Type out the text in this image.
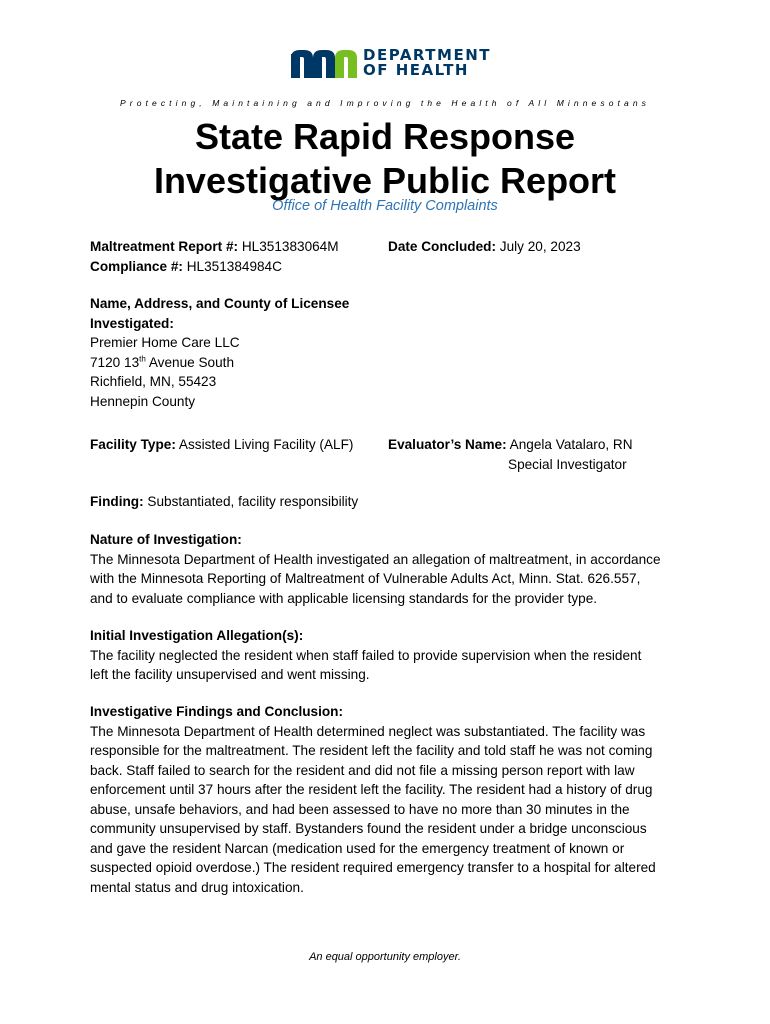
DEPARTMENT
OF HEALTH
Protecting, Maintaining and Improving the Health of All Minnesotans
State Rapid Response
Investigative Public Report
Office of Health Facility Complaints
Maltreatment Report #: HL351383064M
Compliance #: HL351384984C
Date Concluded: July 20, 2023
Name, Address, and County of Licensee
Investigated:
Premier Home Care LLC
7120 13th Avenue South
Richfield, MN, 55423
Hennepin County
Facility Type: Assisted Living Facility (ALF)	Evaluator’s Name: Angela Vatalaro, RN
Special Investigator
Finding: Substantiated, facility responsibility
Nature of Investigation:
The Minnesota Department of Health investigated an allegation of maltreatment, in accordance
with the Minnesota Reporting of Maltreatment of Vulnerable Adults Act, Minn. Stat. 626.557,
and to evaluate compliance with applicable licensing standards for the provider type.
Initial Investigation Allegation(s):
The facility neglected the resident when staff failed to provide supervision when the resident
left the facility unsupervised and went missing.
Investigative Findings and Conclusion:
The Minnesota Department of Health determined neglect was substantiated. The facility was
responsible for the maltreatment. The resident left the facility and told staff he was not coming
back. Staff failed to search for the resident and did not file a missing person report with law
enforcement until 37 hours after the resident left the facility. The resident had a history of drug
abuse, unsafe behaviors, and had been assessed to have no more than 30 minutes in the
community unsupervised by staff. Bystanders found the resident under a bridge unconscious
and gave the resident Narcan (medication used for the emergency treatment of known or
suspected opioid overdose.) The resident required emergency transfer to a hospital for altered
mental status and drug intoxication.
An equal opportunity employer.
